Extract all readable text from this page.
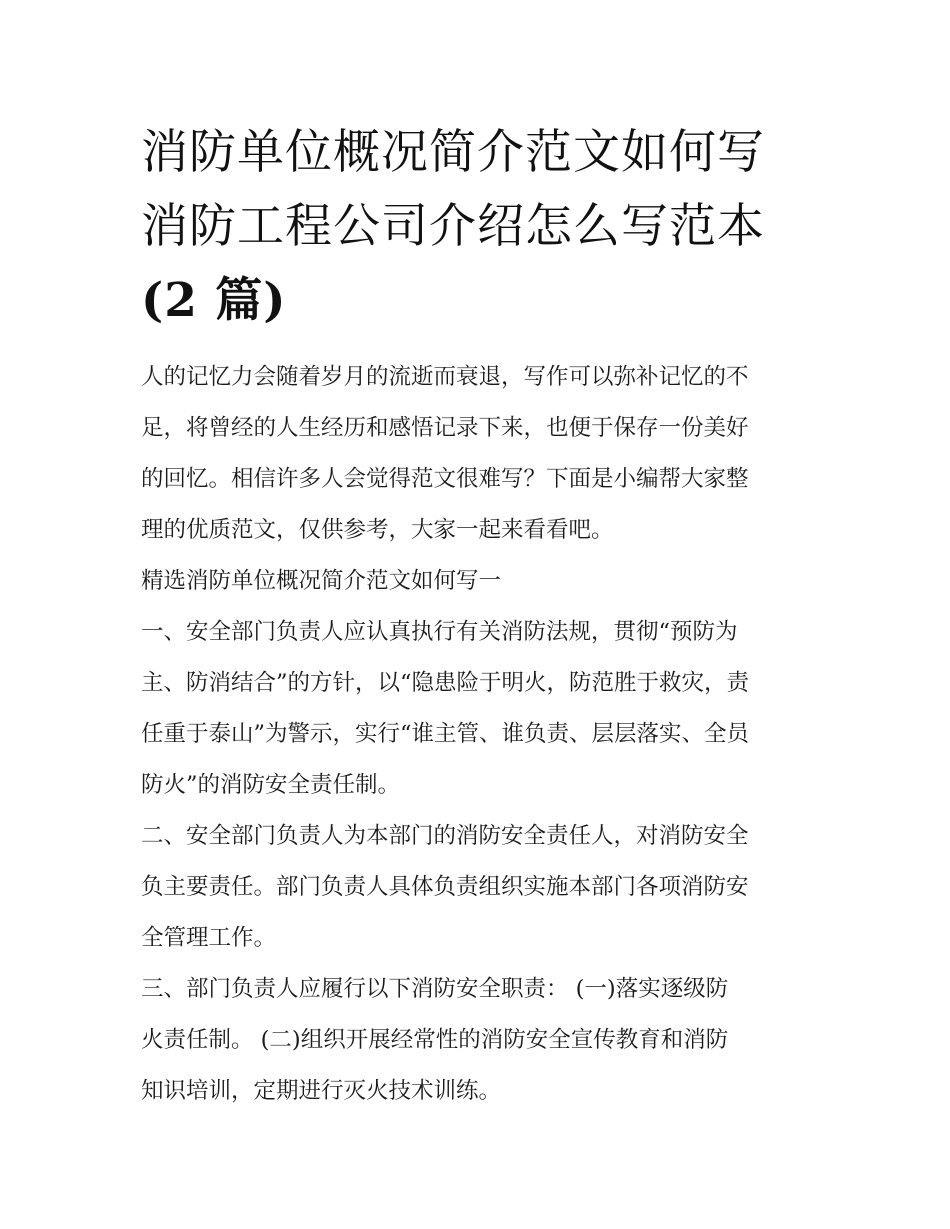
消防单位概况简介范文如何写
消防工程公司介绍怎么写范本
(2 篇)

人的记忆力会随着岁月的流逝而衰退，写作可以弥补记忆的不
足，将曾经的人生经历和感悟记录下来，也便于保存一份美好
的回忆。相信许多人会觉得范文很难写？下面是小编帮大家整
理的优质范文，仅供参考，大家一起来看看吧。

精选消防单位概况简介范文如何写一

一、安全部门负责人应认真执行有关消防法规，贯彻“预防为
主、防消结合”的方针，以“隐患险于明火，防范胜于救灾，责
任重于泰山”为警示，实行“谁主管、谁负责、层层落实、全员
防火”的消防安全责任制。

二、安全部门负责人为本部门的消防安全责任人，对消防安全
负主要责任。部门负责人具体负责组织实施本部门各项消防安
全管理工作。

三、部门负责人应履行以下消防安全职责： (一)落实逐级防
火责任制。 (二)组织开展经常性的消防安全宣传教育和消防
知识培训，定期进行灭火技术训练。
